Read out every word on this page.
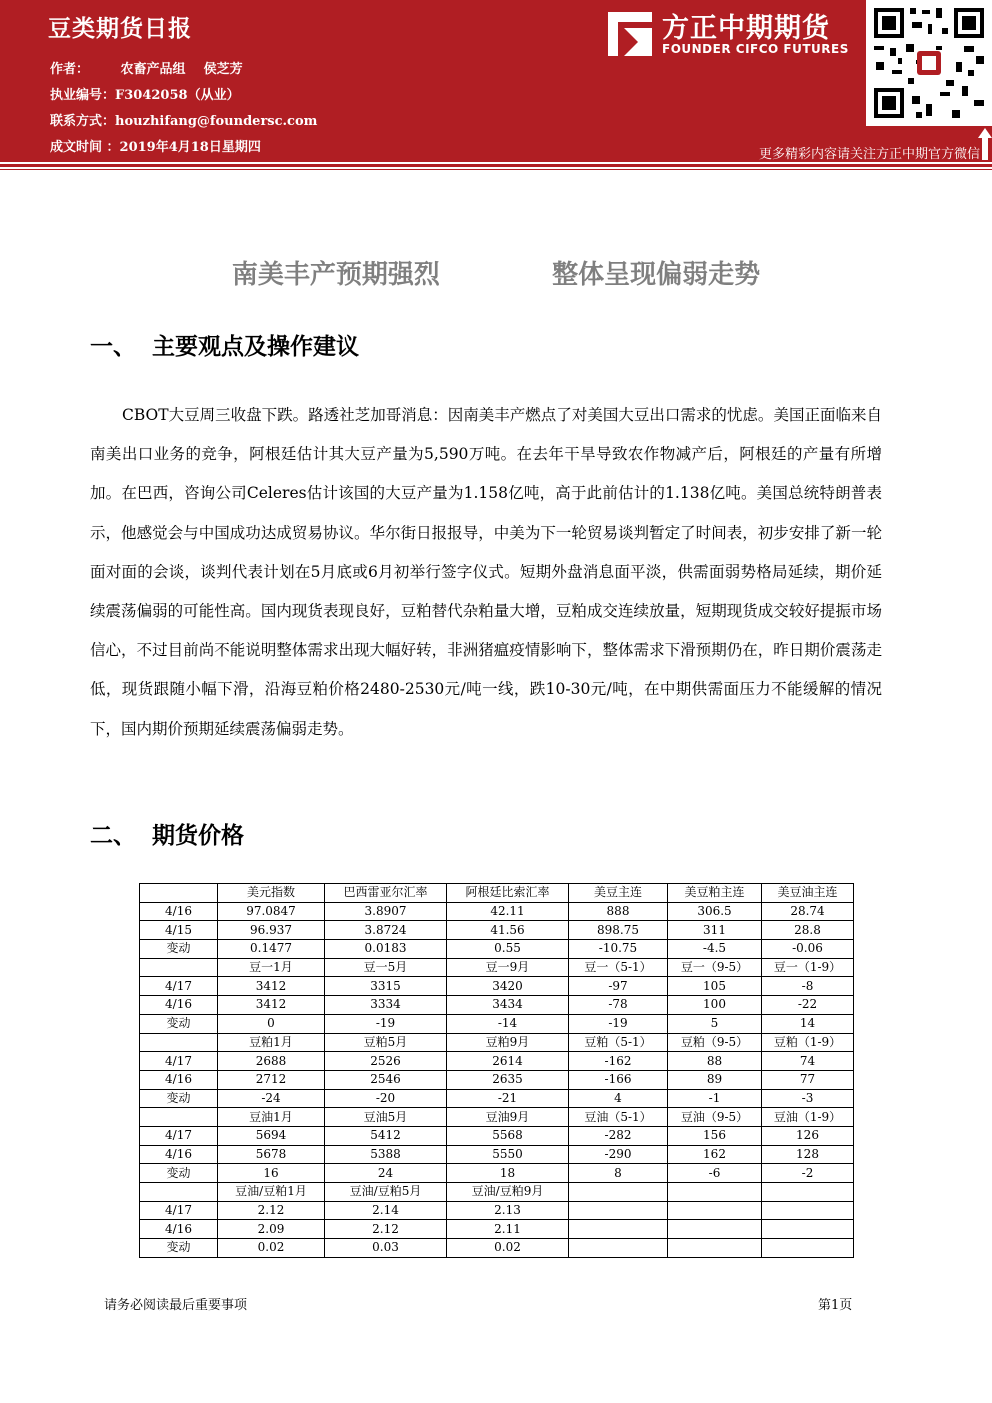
豆类期货日报
作者： 农畜产品组    侯芝芳
执业编号：F3042058（从业）
联系方式：houzhifang@foundersc.com
成文时间 ：2019年4月18日星期四
方正中期期货
FOUNDER CIFCO FUTURES
更多精彩内容请关注方正中期官方微信
南美丰产预期强烈	整体呈现偏弱走势
一、 主要观点及操作建议
CBOT大豆周三收盘下跌。路透社芝加哥消息：因南美丰产燃点了对美国大豆出口需求的忧虑。美国正面临来自南美出口业务的竞争，阿根廷估计其大豆产量为5,590万吨。在去年干旱导致农作物减产后，阿根廷的产量有所增加。在巴西，咨询公司Celeres估计该国的大豆产量为1.158亿吨，高于此前估计的1.138亿吨。美国总统特朗普表示，他感觉会与中国成功达成贸易协议。华尔街日报报导，中美为下一轮贸易谈判暂定了时间表，初步安排了新一轮面对面的会谈，谈判代表计划在5月底或6月初举行签字仪式。短期外盘消息面平淡，供需面弱势格局延续，期价延续震荡偏弱的可能性高。国内现货表现良好，豆粕替代杂粕量大增，豆粕成交连续放量，短期现货成交较好提振市场信心，不过目前尚不能说明整体需求出现大幅好转，非洲猪瘟疫情影响下，整体需求下滑预期仍在，昨日期价震荡走低，现货跟随小幅下滑，沿海豆粕价格2480-2530元/吨一线，跌10-30元/吨，在中期供需面压力不能缓解的情况下，国内期价预期延续震荡偏弱走势。
二、 期货价格
	美元指数	巴西雷亚尔汇率	阿根廷比索汇率	美豆主连	美豆粕主连	美豆油主连
4/16	97.0847	3.8907	42.11	888	306.5	28.74
4/15	96.937	3.8724	41.56	898.75	311	28.8
变动	0.1477	0.0183	0.55	-10.75	-4.5	-0.06
	豆一1月	豆一5月	豆一9月	豆一（5-1）	豆一（9-5）	豆一（1-9）
4/17	3412	3315	3420	-97	105	-8
4/16	3412	3334	3434	-78	100	-22
变动	0	-19	-14	-19	5	14
	豆粕1月	豆粕5月	豆粕9月	豆粕（5-1）	豆粕（9-5）	豆粕（1-9）
4/17	2688	2526	2614	-162	88	74
4/16	2712	2546	2635	-166	89	77
变动	-24	-20	-21	4	-1	-3
	豆油1月	豆油5月	豆油9月	豆油（5-1）	豆油（9-5）	豆油（1-9）
4/17	5694	5412	5568	-282	156	126
4/16	5678	5388	5550	-290	162	128
变动	16	24	18	8	-6	-2
	豆油/豆粕1月	豆油/豆粕5月	豆油/豆粕9月			
4/17	2.12	2.14	2.13			
4/16	2.09	2.12	2.11			
变动	0.02	0.03	0.02			
请务必阅读最后重要事项	第1页
